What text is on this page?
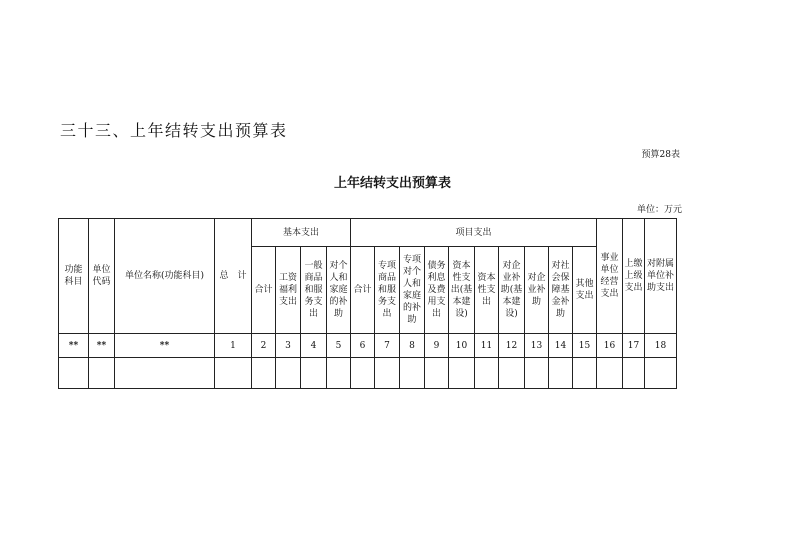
三十三、上年结转支出预算表
预算28表
上年结转支出预算表
单位：万元
功能科目	单位代码	单位名称(功能科目)	总　计	基本支出				项目支出										事业单位经营支出	上缴上级支出	对附属单位补助支出
				合计	工资福利支出	一般商品和服务支出	对个人和家庭的补助	合计	专项商品和服务支出	专项对个人和家庭的补助	债务利息及费用支出	资本性支出(基本建设)	资本性支出	对企业补助(基本建设)	对企业补助	对社会保障基金补助	其他支出			
**	**	**	1	2	3	4	5	6	7	8	9	10	11	12	13	14	15	16	17	18
